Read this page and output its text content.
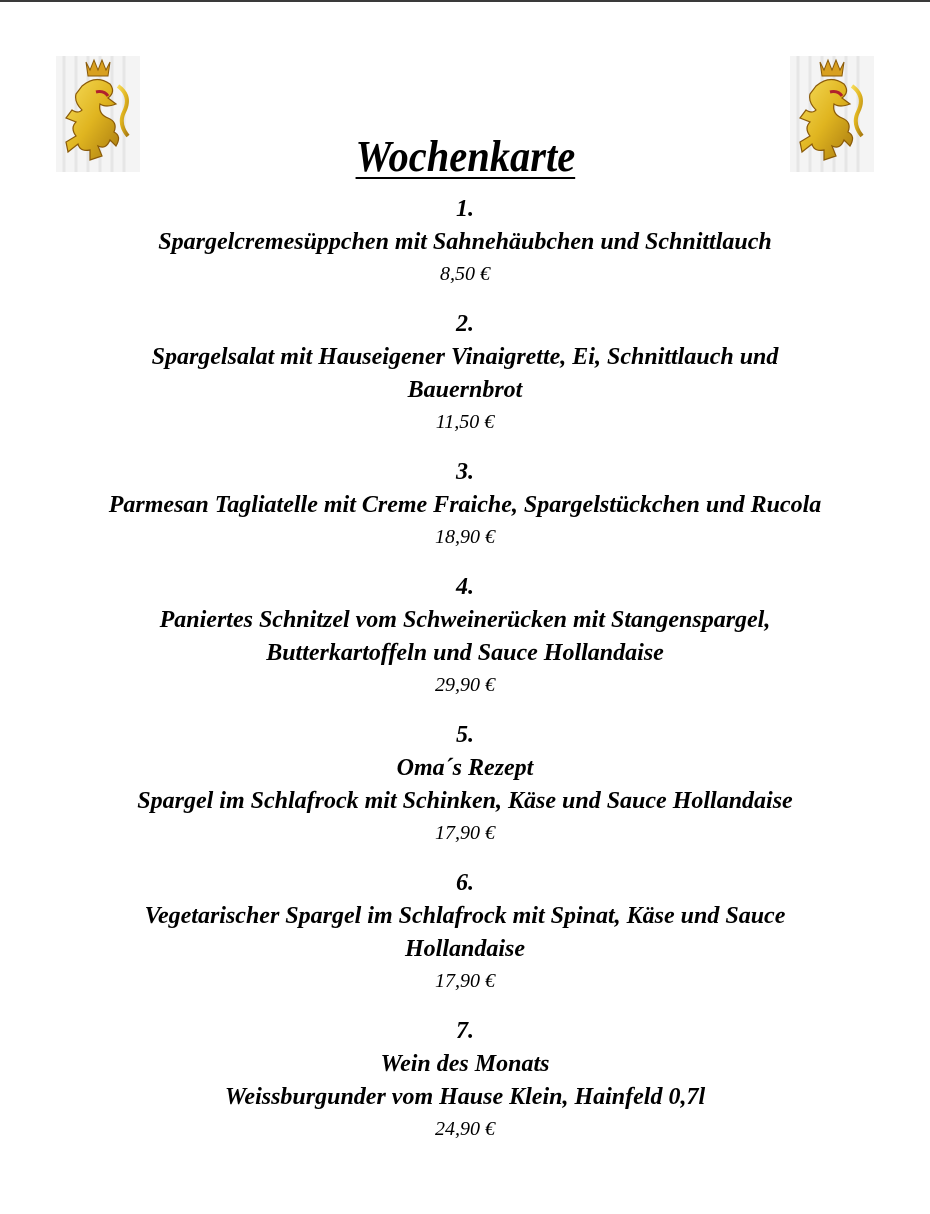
Wochenkarte
1.
Spargelcremesüppchen mit Sahnehäubchen und Schnittlauch
8,50 €
2.
Spargelsalat mit Hauseigener Vinaigrette, Ei, Schnittlauch und
Bauernbrot
11,50 €
3.
Parmesan Tagliatelle mit Creme Fraiche, Spargelstückchen und Rucola
18,90 €
4.
Paniertes Schnitzel vom Schweinerücken mit Stangenspargel,
Butterkartoffeln und Sauce Hollandaise
29,90 €
5.
Oma´s Rezept
Spargel im Schlafrock mit Schinken, Käse und Sauce Hollandaise
17,90 €
6.
Vegetarischer Spargel im Schlafrock mit Spinat, Käse und Sauce
Hollandaise
17,90 €
7.
Wein des Monats
Weissburgunder vom Hause Klein, Hainfeld 0,7l
24,90 €
